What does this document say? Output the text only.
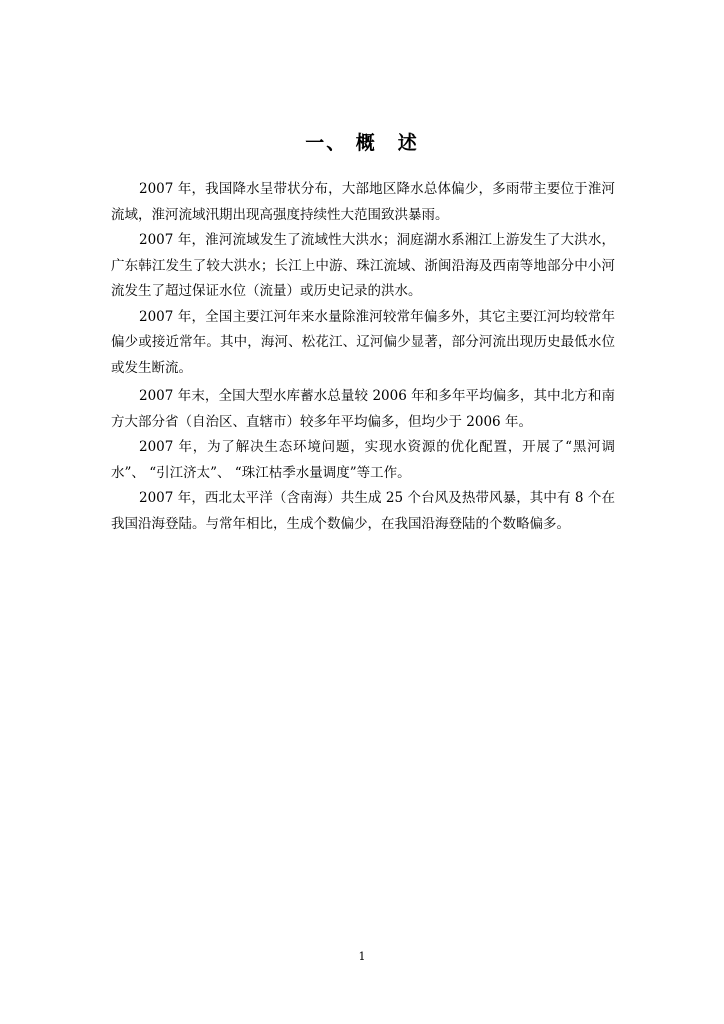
一、 概　述

2007 年，我国降水呈带状分布，大部地区降水总体偏少，多雨带主要位于淮河流域，淮河流域汛期出现高强度持续性大范围致洪暴雨。

2007 年，淮河流域发生了流域性大洪水；洞庭湖水系湘江上游发生了大洪水，广东韩江发生了较大洪水；长江上中游、珠江流域、浙闽沿海及西南等地部分中小河流发生了超过保证水位（流量）或历史记录的洪水。

2007 年，全国主要江河年来水量除淮河较常年偏多外，其它主要江河均较常年偏少或接近常年。其中，海河、松花江、辽河偏少显著，部分河流出现历史最低水位或发生断流。

2007 年末，全国大型水库蓄水总量较 2006 年和多年平均偏多，其中北方和南方大部分省（自治区、直辖市）较多年平均偏多，但均少于 2006 年。

2007 年，为了解决生态环境问题，实现水资源的优化配置，开展了“黑河调水”、 “引江济太”、 “珠江枯季水量调度”等工作。

2007 年，西北太平洋（含南海）共生成 25 个台风及热带风暴，其中有 8 个在我国沿海登陆。与常年相比，生成个数偏少，在我国沿海登陆的个数略偏多。

1
